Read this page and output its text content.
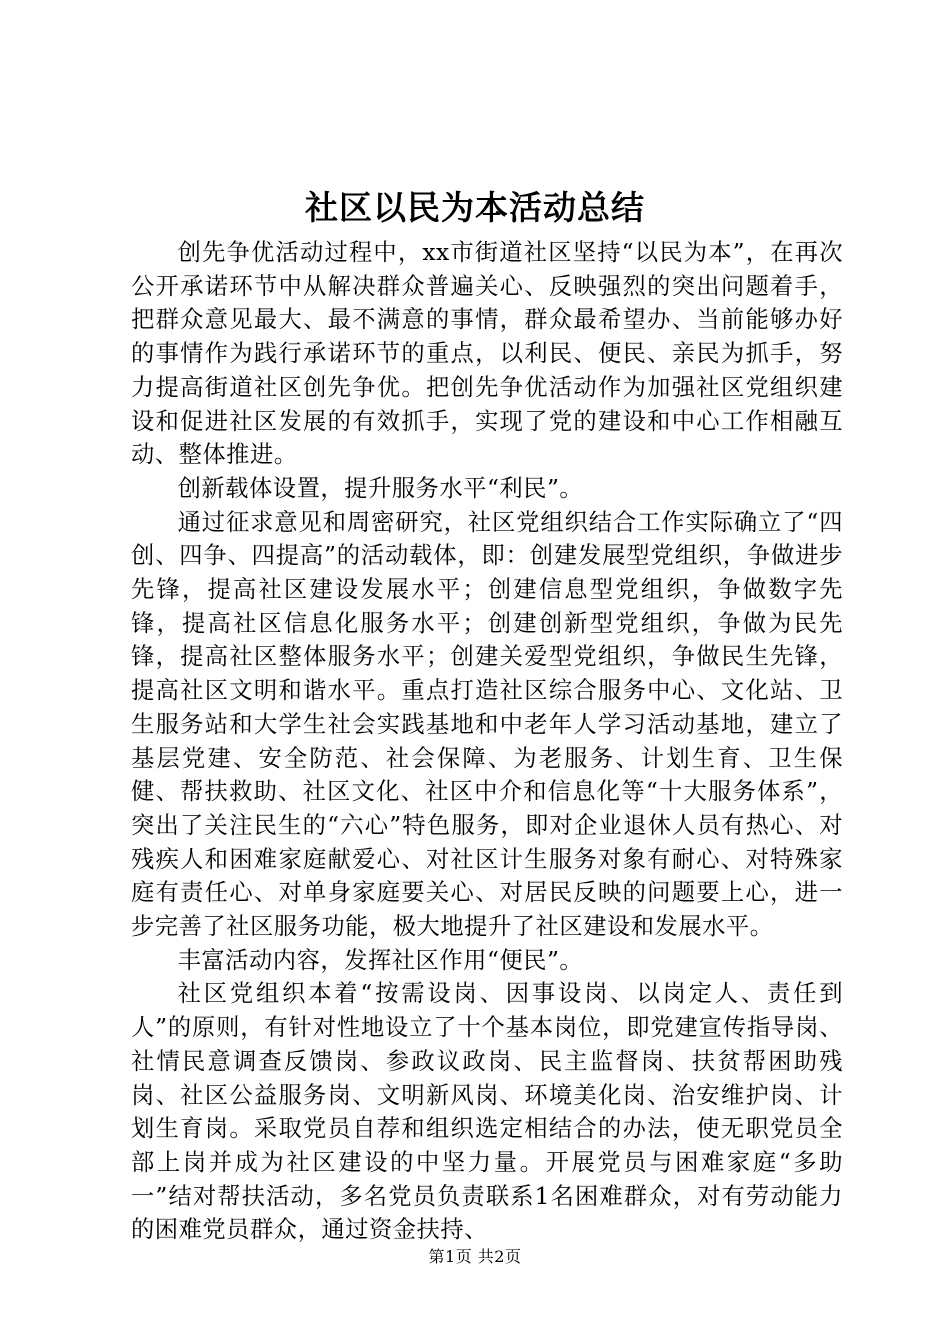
社区以民为本活动总结

创先争优活动过程中，xx市街道社区坚持“以民为本”，在再次公开承诺环节中从解决群众普遍关心、反映强烈的突出问题着手，把群众意见最大、最不满意的事情，群众最希望办、当前能够办好的事情作为践行承诺环节的重点，以利民、便民、亲民为抓手，努力提高街道社区创先争优。把创先争优活动作为加强社区党组织建设和促进社区发展的有效抓手，实现了党的建设和中心工作相融互动、整体推进。

创新载体设置，提升服务水平“利民”。

通过征求意见和周密研究，社区党组织结合工作实际确立了“四创、四争、四提高”的活动载体，即：创建发展型党组织，争做进步先锋，提高社区建设发展水平；创建信息型党组织，争做数字先锋，提高社区信息化服务水平；创建创新型党组织，争做为民先锋，提高社区整体服务水平；创建关爱型党组织，争做民生先锋，提高社区文明和谐水平。重点打造社区综合服务中心、文化站、卫生服务站和大学生社会实践基地和中老年人学习活动基地，建立了基层党建、安全防范、社会保障、为老服务、计划生育、卫生保健、帮扶救助、社区文化、社区中介和信息化等“十大服务体系”，突出了关注民生的“六心”特色服务，即对企业退休人员有热心、对残疾人和困难家庭献爱心、对社区计生服务对象有耐心、对特殊家庭有责任心、对单身家庭要关心、对居民反映的问题要上心，进一步完善了社区服务功能，极大地提升了社区建设和发展水平。

丰富活动内容，发挥社区作用“便民”。

社区党组织本着“按需设岗、因事设岗、以岗定人、责任到人”的原则，有针对性地设立了十个基本岗位，即党建宣传指导岗、社情民意调查反馈岗、参政议政岗、民主监督岗、扶贫帮困助残岗、社区公益服务岗、文明新风岗、环境美化岗、治安维护岗、计划生育岗。采取党员自荐和组织选定相结合的办法，使无职党员全部上岗并成为社区建设的中坚力量。开展党员与困难家庭“多助一”结对帮扶活动，多名党员负责联系1名困难群众，对有劳动能力的困难党员群众，通过资金扶持、

第1页 共2页
